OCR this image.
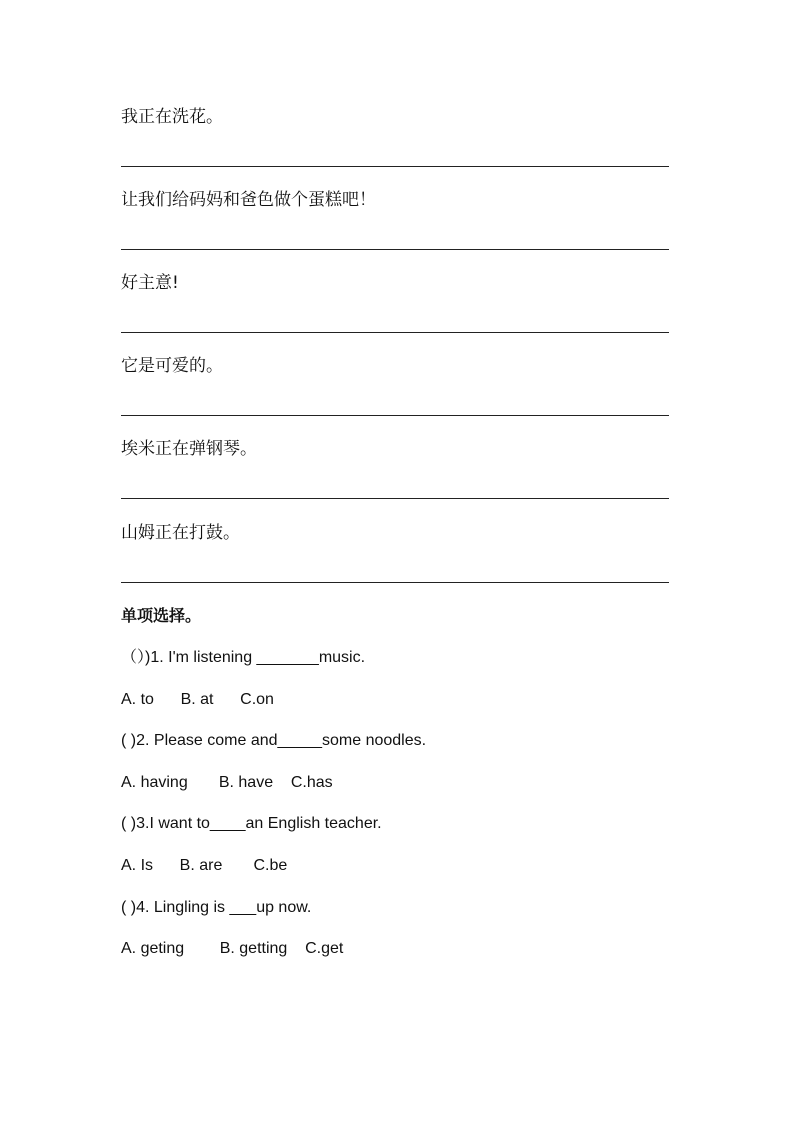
我正在洗花。
让我们给码妈和爸色做个蛋糕吧！
好主意!
它是可爱的。
埃米正在弹钢琴。
山姆正在打鼓。
单项选择。
（）)1. I'm listening _______music.
A. to      B. at      C.on
( )2. Please come and_____some noodles.
A. having       B. have    C.has
( )3.I want to____an English teacher.
A. Is      B. are       C.be
( )4. Lingling is ___up now.
A. geting        B. getting    C.get
